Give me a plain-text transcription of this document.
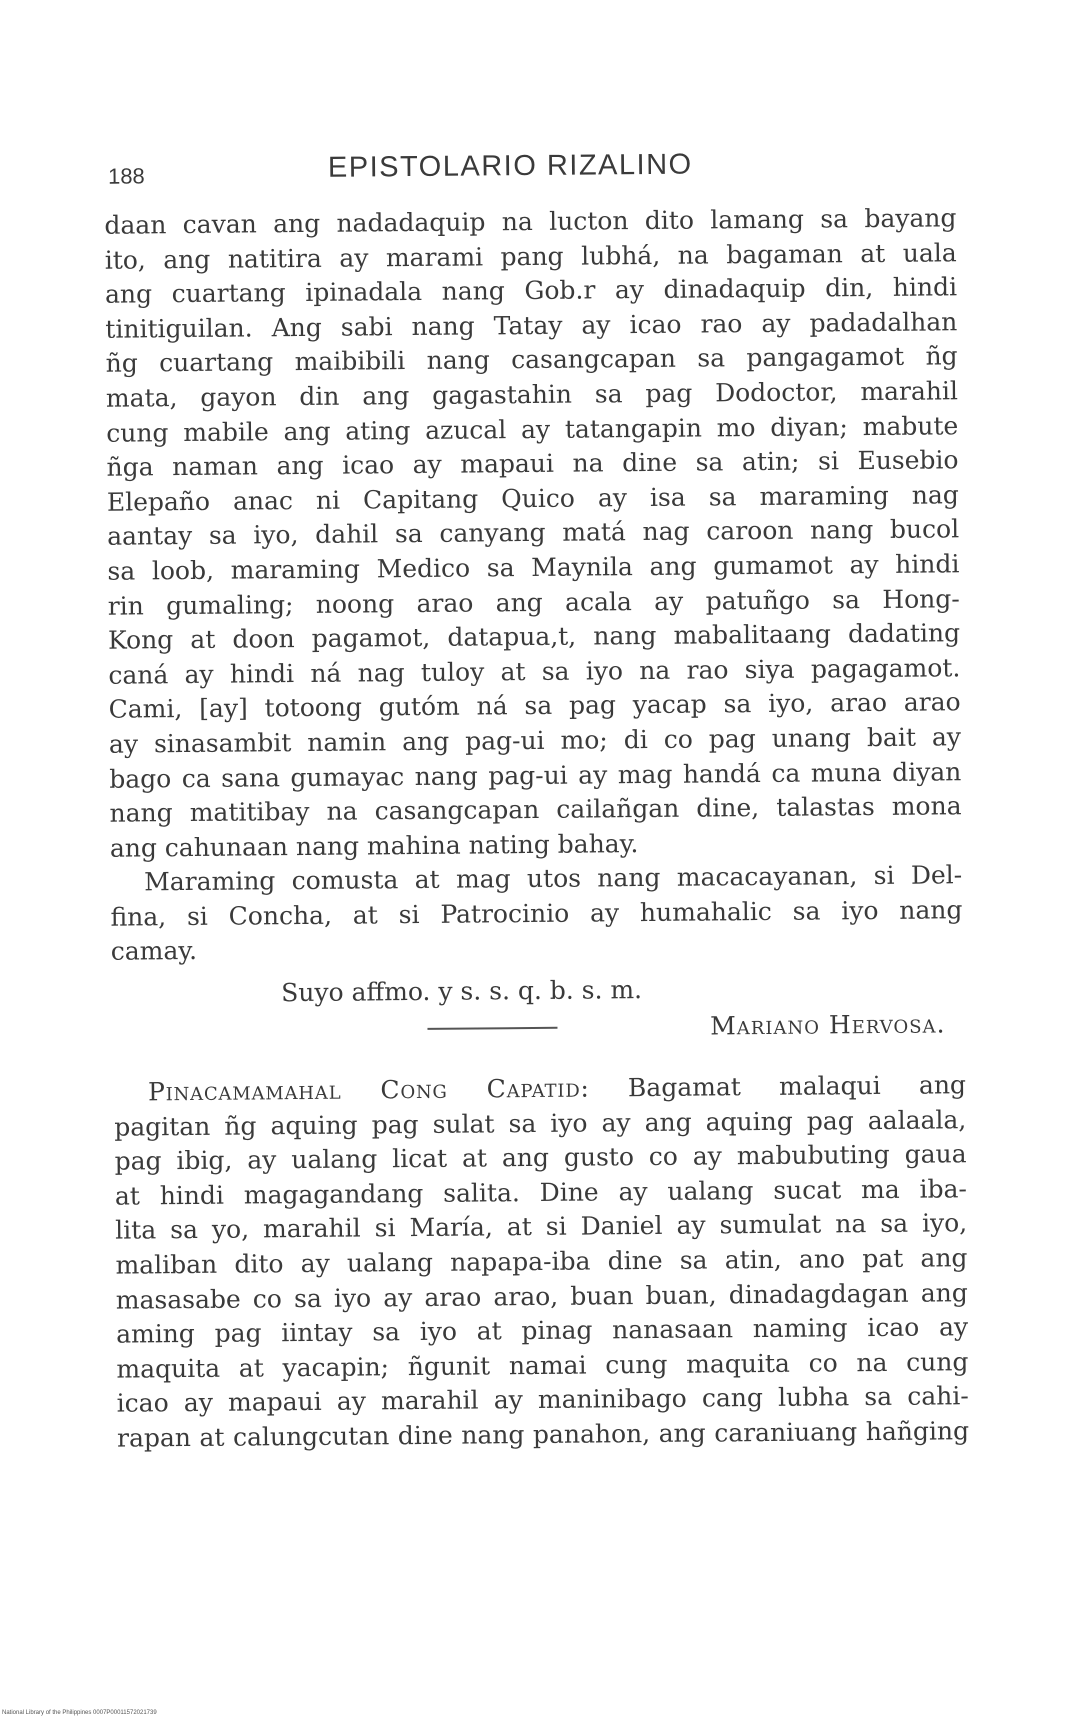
188	EPISTOLARIO RIZALINO
daan cavan ang nadadaquip na lucton dito lamang sa bayang
ito, ang natitira ay marami pang lubhá, na bagaman at uala
ang cuartang ipinadala nang Gob.r ay dinadaquip din, hindi
tinitiguilan. Ang sabi nang Tatay ay icao rao ay padadalhan
ñg cuartang maibibili nang casangcapan sa pangagamot ñg
mata, gayon din ang gagastahin sa pag Dodoctor, marahil
cung mabile ang ating azucal ay tatangapin mo diyan; mabute
ñga naman ang icao ay mapaui na dine sa atin; si Eusebio
Elepaño anac ni Capitang Quico ay isa sa maraming nag
aantay sa iyo, dahil sa canyang matá nag caroon nang bucol
sa loob, maraming Medico sa Maynila ang gumamot ay hindi
rin gumaling; noong arao ang acala ay patuñgo sa Hong-
Kong at doon pagamot, datapua,t, nang mabalitaang dadating
caná ay hindi ná nag tuloy at sa iyo na rao siya pagagamot.
Cami, [ay] totoong gutóm ná sa pag yacap sa iyo, arao arao
ay sinasambit namin ang pag-ui mo; di co pag unang bait ay
bago ca sana gumayac nang pag-ui ay mag handá ca muna diyan
nang matitibay na casangcapan cailañgan dine, talastas mona
ang cahunaan nang mahina nating bahay.
Maraming comusta at mag utos nang macacayanan, si Del-
fina, si Concha, at si Patrocinio ay humahalic sa iyo nang
camay.
Suyo affmo. y s. s. q. b. s. m.
Mariano Hervosa.
Pinacamamahal Cong Capatid: Bagamat malaqui ang
pagitan ñg aquing pag sulat sa iyo ay ang aquing pag aalaala,
pag ibig, ay ualang licat at ang gusto co ay mabubuting gaua
at hindi magagandang salita. Dine ay ualang sucat ma iba-
lita sa yo, marahil si María, at si Daniel ay sumulat na sa iyo,
maliban dito ay ualang napapa-iba dine sa atin, ano pat ang
masasabe co sa iyo ay arao arao, buan buan, dinadagdagan ang
aming pag iintay sa iyo at pinag nanasaan naming icao ay
maquita at yacapin; ñgunit namai cung maquita co na cung
icao ay mapaui ay marahil ay maninibago cang lubha sa cahi-
rapan at calungcutan dine nang panahon, ang caraniuang hañging
National Library of the Philippines 0007P00011572021739
